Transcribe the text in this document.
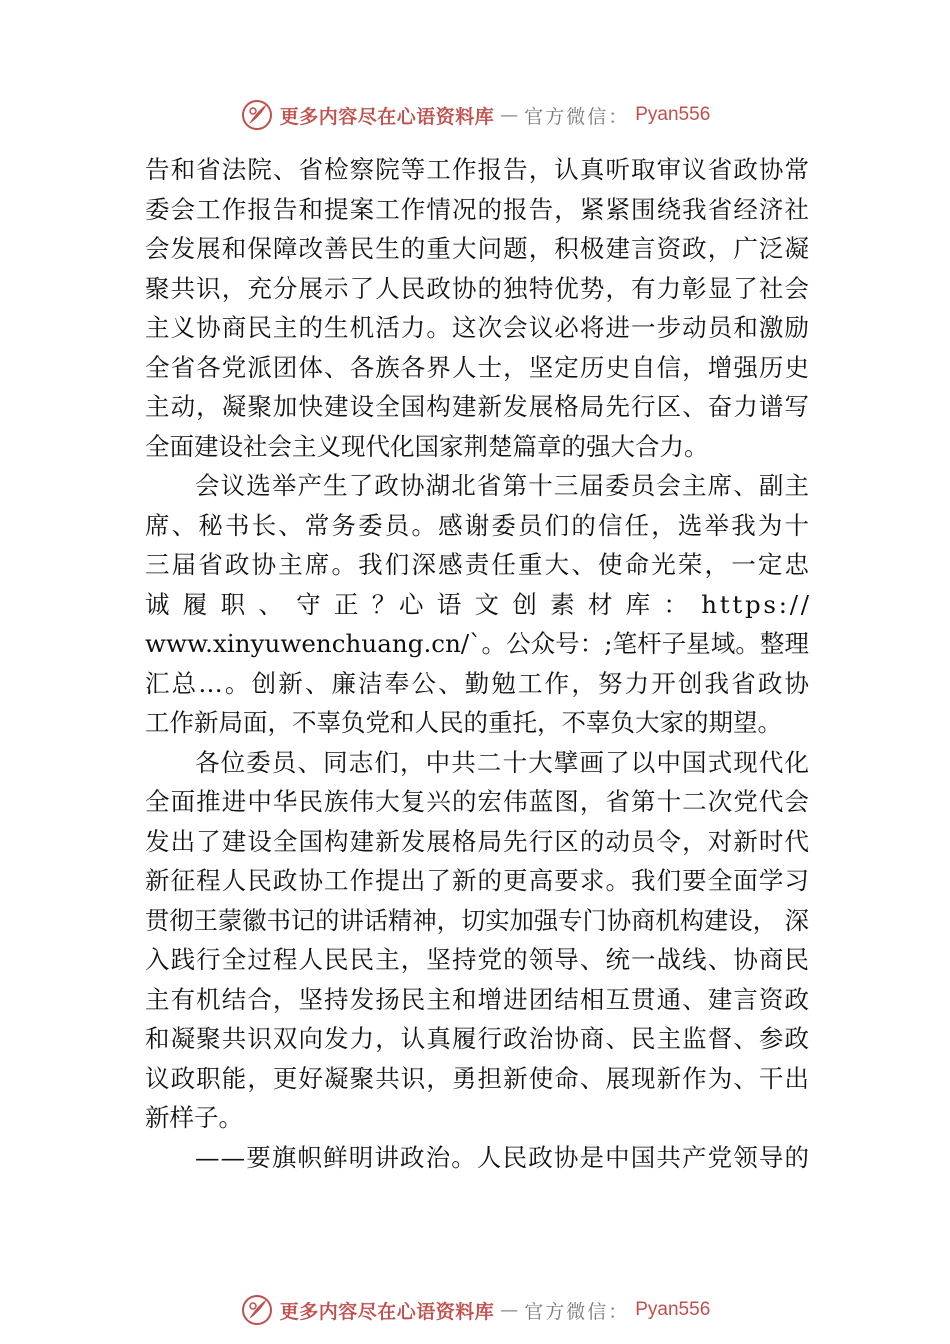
更多内容尽在心语资料库 — 官方微信： Pyan556
告和省法院、省检察院等工作报告，认真听取审议省政协常
委会工作报告和提案工作情况的报告，紧紧围绕我省经济社
会发展和保障改善民生的重大问题，积极建言资政，广泛凝
聚共识，充分展示了人民政协的独特优势，有力彰显了社会
主义协商民主的生机活力。这次会议必将进一步动员和激励
全省各党派团体、各族各界人士，坚定历史自信，增强历史
主动，凝聚加快建设全国构建新发展格局先行区、奋力谱写
全面建设社会主义现代化国家荆楚篇章的强大合力。
会议选举产生了政协湖北省第十三届委员会主席、副主
席、秘书长、常务委员。感谢委员们的信任，选举我为十
三届省政协主席。我们深感责任重大、使命光荣，一定忠
诚 履 职 、 守 正 ？心 语 文 创 素 材 库 ： https://
www.xinyuwenchuang.cn/`。公众号：;笔杆子星域。整理
汇总…。创新、廉洁奉公、勤勉工作，努力开创我省政协
工作新局面，不辜负党和人民的重托，不辜负大家的期望。
各位委员、同志们，中共二十大擘画了以中国式现代化
全面推进中华民族伟大复兴的宏伟蓝图，省第十二次党代会
发出了建设全国构建新发展格局先行区的动员令，对新时代
新征程人民政协工作提出了新的更高要求。我们要全面学习
贯彻王蒙徽书记的讲话精神，切实加强专门协商机构建设， 深
入践行全过程人民民主，坚持党的领导、统一战线、协商民
主有机结合，坚持发扬民主和增进团结相互贯通、建言资政
和凝聚共识双向发力，认真履行政治协商、民主监督、参政
议政职能，更好凝聚共识，勇担新使命、展现新作为、干出
新样子。
——要旗帜鲜明讲政治。人民政协是中国共产党领导的
更多内容尽在心语资料库 — 官方微信： Pyan556
